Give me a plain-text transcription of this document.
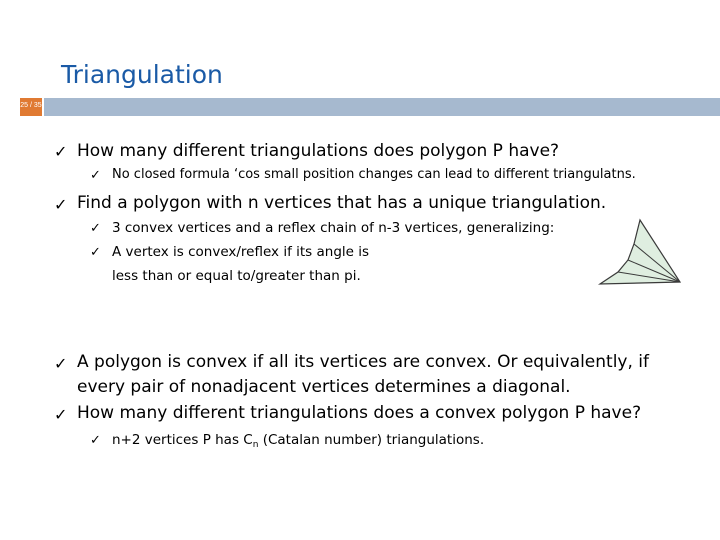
Triangulation
25 / 35
✓ How many different triangulations does polygon P have?
✓ No closed formula ‘cos small position changes can lead to different triangulatns.
✓ Find a polygon with n vertices that has a unique triangulation.
✓ 3 convex vertices and a reflex chain of n-3 vertices, generalizing:
✓ A vertex is convex/reflex if its angle is
less than or equal to/greater than pi.
✓ A polygon is convex if all its vertices are convex. Or equivalently, if
every pair of nonadjacent vertices determines a diagonal.
✓ How many different triangulations does a convex polygon P have?
✓ n+2 vertices P has $C_n$ (Catalan number) triangulations.
